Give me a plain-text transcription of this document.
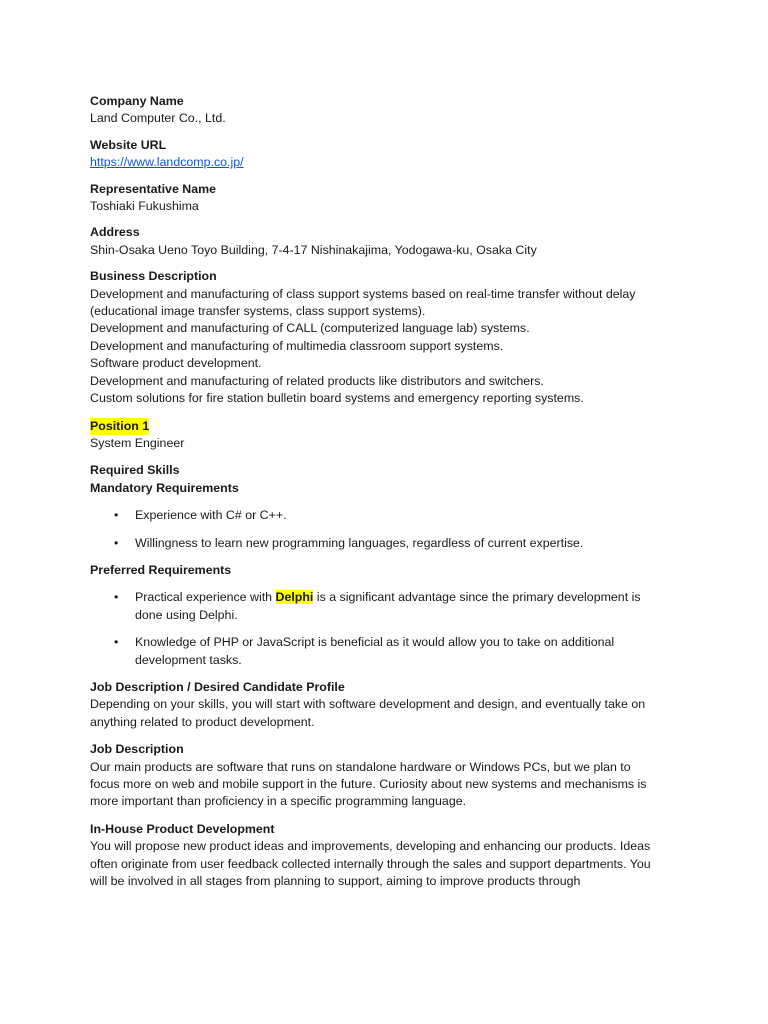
Company Name
Land Computer Co., Ltd.
Website URL
https://www.landcomp.co.jp/
Representative Name
Toshiaki Fukushima
Address
Shin-Osaka Ueno Toyo Building, 7-4-17 Nishinakajima, Yodogawa-ku, Osaka City
Business Description
Development and manufacturing of class support systems based on real-time transfer without delay
(educational image transfer systems, class support systems).
Development and manufacturing of CALL (computerized language lab) systems.
Development and manufacturing of multimedia classroom support systems.
Software product development.
Development and manufacturing of related products like distributors and switchers.
Custom solutions for fire station bulletin board systems and emergency reporting systems.
Position 1
System Engineer
Required Skills
Mandatory Requirements
• Experience with C# or C++.
• Willingness to learn new programming languages, regardless of current expertise.
Preferred Requirements
• Practical experience with Delphi is a significant advantage since the primary development is
done using Delphi.
• Knowledge of PHP or JavaScript is beneficial as it would allow you to take on additional
development tasks.
Job Description / Desired Candidate Profile
Depending on your skills, you will start with software development and design, and eventually take on
anything related to product development.
Job Description
Our main products are software that runs on standalone hardware or Windows PCs, but we plan to
focus more on web and mobile support in the future. Curiosity about new systems and mechanisms is
more important than proficiency in a specific programming language.
In-House Product Development
You will propose new product ideas and improvements, developing and enhancing our products. Ideas
often originate from user feedback collected internally through the sales and support departments. You
will be involved in all stages from planning to support, aiming to improve products through
